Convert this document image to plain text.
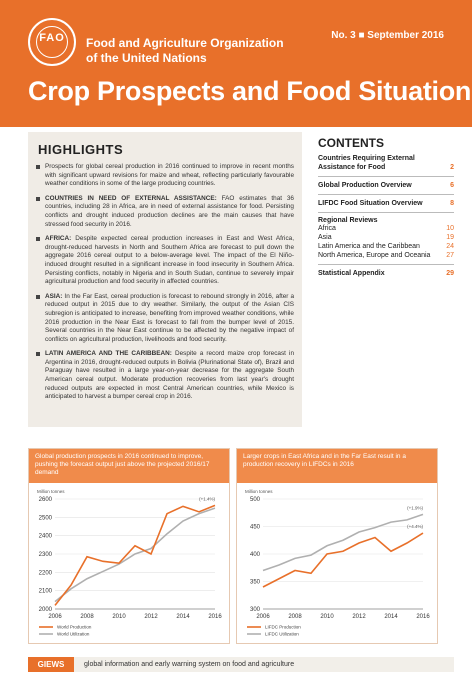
FAO	Food and Agriculture Organization
of the United Nations
No. 3 ■ September 2016
Crop Prospects and Food Situation
HIGHLIGHTS
Prospects for global cereal production in 2016 continued to improve in recent months with significant upward revisions for maize and wheat, reflecting particularly favourable weather conditions in some of the large producing countries.
COUNTRIES IN NEED OF EXTERNAL ASSISTANCE: FAO estimates that 36 countries, including 28 in Africa, are in need of external assistance for food. Persisting conflicts and drought induced production declines are the main causes that have stressed food security in 2016.
AFRICA: Despite expected cereal production increases in East and West Africa, drought-reduced harvests in North and Southern Africa are forecast to pull down the aggregate 2016 cereal output to a below-average level. The impact of the El Niño-induced drought resulted in a significant increase in food insecurity in Southern Africa. Persisting conflicts, notably in Nigeria and in South Sudan, continue to severely impair agricultural production and food security in affected countries.
ASIA: In the Far East, cereal production is forecast to rebound strongly in 2016, after a reduced output in 2015 due to dry weather. Similarly, the output of the Asian CIS subregion is anticipated to increase, benefiting from improved weather conditions, while 2016 production in the Near East is forecast to fall from the bumper level of 2015. Several countries in the Near East continue to be affected by the negative impact of conflicts on agricultural production, livelihoods and food security.
LATIN AMERICA AND THE CARIBBEAN: Despite a record maize crop forecast in Argentina in 2016, drought-reduced outputs in Bolivia (Plurinational State of), Brazil and Paraguay have resulted in a large year-on-year decrease for the aggregate South American cereal output. Moderate production recoveries from last year's drought reduced outputs are expected in most Central American countries, while Mexico is anticipated to harvest a bumper cereal crop in 2016.
CONTENTS
Countries Requiring External Assistance for Food	2
Global Production Overview	6
LIFDC Food Situation Overview	8
Regional Reviews
Africa	10
Asia	19
Latin America and the Caribbean	24
North America, Europe and Oceania 27
Statistical Appendix	29
Global production prospects in 2016 continued to improve, pushing the forecast output just above the projected 2016/17 demand
Million tonnes
2000
2100
2200
2300
2400
2500
2600
2006	2008	2010	2012	2014	2016
(+1.4%)
World Production
World Utilization
Larger crops in East Africa and in the Far East result in a production recovery in LIFDCs in 2016
Million tonnes
300
350
400
450
500
2006	2008	2010	2012	2014	2016
(+1.9%)
(+4.4%)
LIFDC Production
LIFDC Utilization
GIEWS	global information and early warning system on food and agriculture
